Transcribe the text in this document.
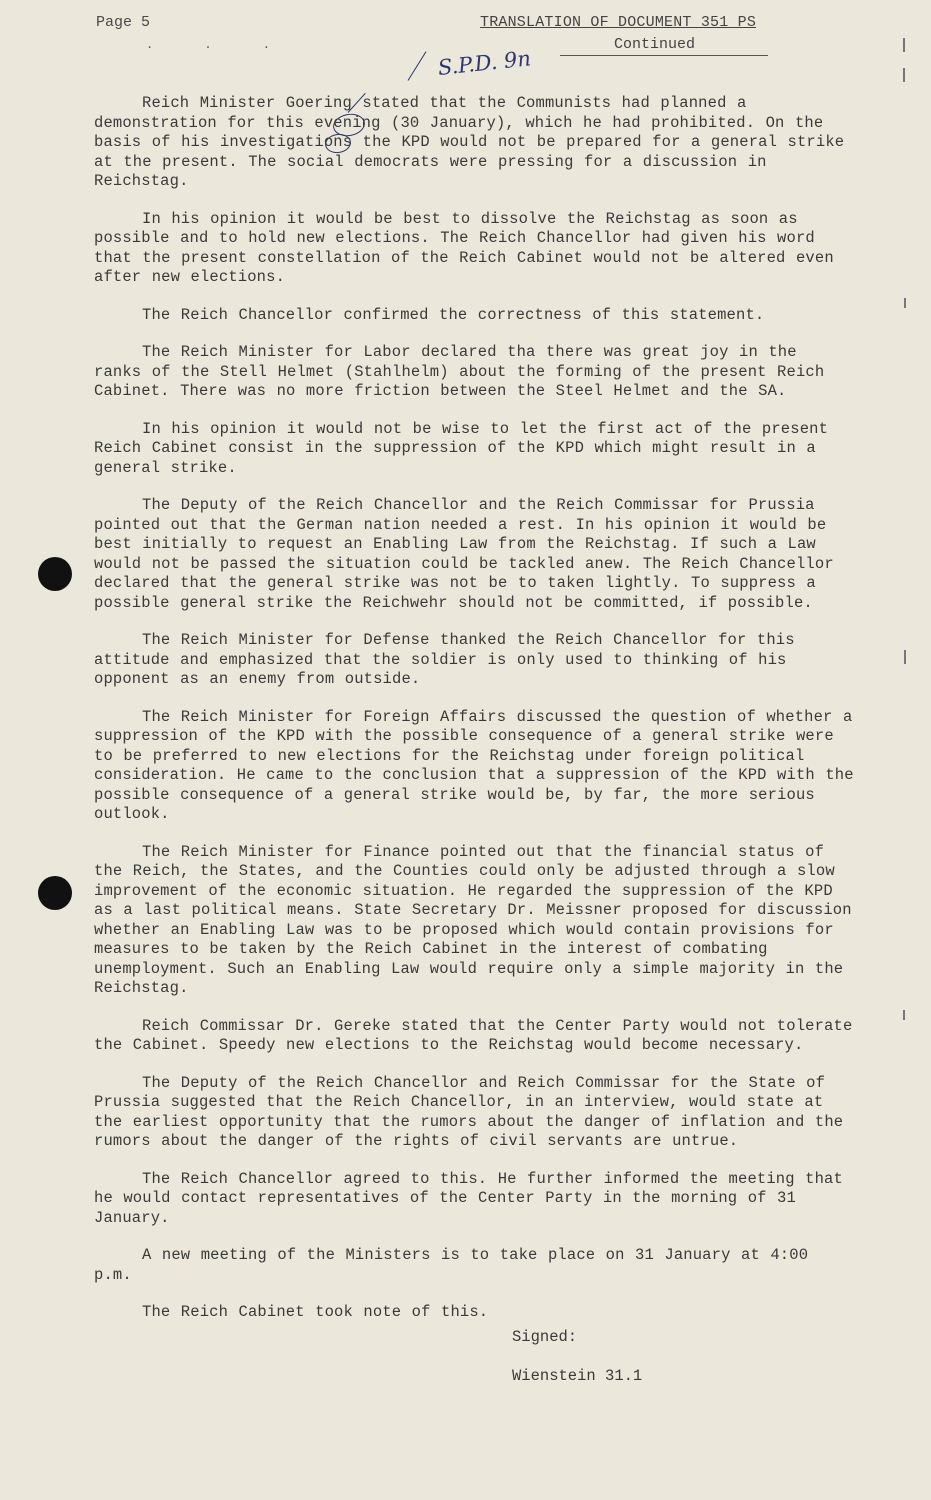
Page 5
. . .
TRANSLATION OF DOCUMENT 351 PS
Continued
S.P.D. 9n

Reich Minister Goering stated that the Communists had planned a demonstration for this evening (30 January), which he had prohibited. On the basis of his investigations the KPD would not be prepared for a general strike at the present. The social democrats were pressing for a discussion in Reichstag.

In his opinion it would be best to dissolve the Reichstag as soon as possible and to hold new elections. The Reich Chancellor had given his word that the present constellation of the Reich Cabinet would not be altered even after new elections.

The Reich Chancellor confirmed the correctness of this statement.

The Reich Minister for Labor declared tha there was great joy in the ranks of the Stell Helmet (Stahlhelm) about the forming of the present Reich Cabinet. There was no more friction between the Steel Helmet and the SA.

In his opinion it would not be wise to let the first act of the present Reich Cabinet consist in the suppression of the KPD which might result in a general strike.

The Deputy of the Reich Chancellor and the Reich Commissar for Prussia pointed out that the German nation needed a rest. In his opinion it would be best initially to request an Enabling Law from the Reichstag. If such a Law would not be passed the situation could be tackled anew. The Reich Chancellor declared that the general strike was not be to taken lightly. To suppress a possible general strike the Reichwehr should not be committed, if possible.

The Reich Minister for Defense thanked the Reich Chancellor for this attitude and emphasized that the soldier is only used to thinking of his opponent as an enemy from outside.

The Reich Minister for Foreign Affairs discussed the question of whether a suppression of the KPD with the possible consequence of a general strike were to be preferred to new elections for the Reichstag under foreign political consideration. He came to the conclusion that a suppression of the KPD with the possible consequence of a general strike would be, by far, the more serious outlook.

The Reich Minister for Finance pointed out that the financial status of the Reich, the States, and the Counties could only be adjusted through a slow improvement of the economic situation. He regarded the suppression of the KPD as a last political means. State Secretary Dr. Meissner proposed for discussion whether an Enabling Law was to be proposed which would contain provisions for measures to be taken by the Reich Cabinet in the interest of combating unemployment. Such an Enabling Law would require only a simple majority in the Reichstag.

Reich Commissar Dr. Gereke stated that the Center Party would not tolerate the Cabinet. Speedy new elections to the Reichstag would become necessary.

The Deputy of the Reich Chancellor and Reich Commissar for the State of Prussia suggested that the Reich Chancellor, in an interview, would state at the earliest opportunity that the rumors about the danger of inflation and the rumors about the danger of the rights of civil servants are untrue.

The Reich Chancellor agreed to this. He further informed the meeting that he would contact representatives of the Center Party in the morning of 31 January.

A new meeting of the Ministers is to take place on 31 January at 4:00 p.m.

The Reich Cabinet took note of this.

Signed:
Wienstein 31.1
